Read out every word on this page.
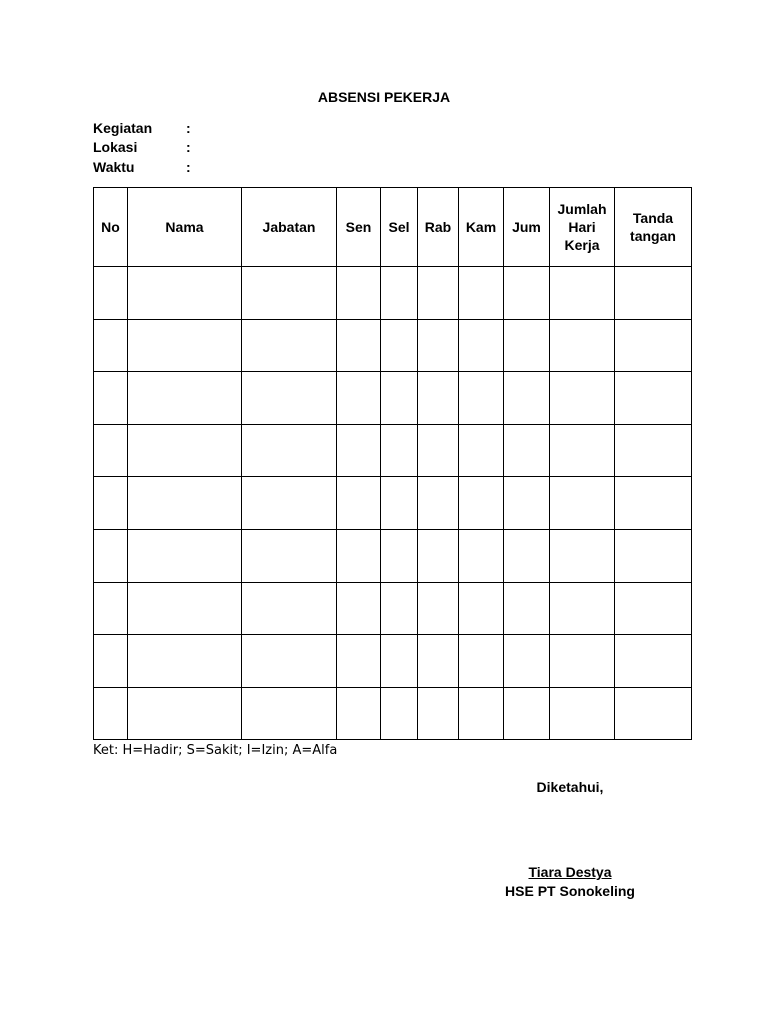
ABSENSI PEKERJA
Kegiatan :
Lokasi	:
Waktu	:
No	Nama	Jabatan	Sen	Sel	Rab	Kam	Jum	Jumlah Hari Kerja	Tanda tangan

Ket: H=Hadir; S=Sakit; I=Izin; A=Alfa
Diketahui,
Tiara Destya
HSE PT Sonokeling
